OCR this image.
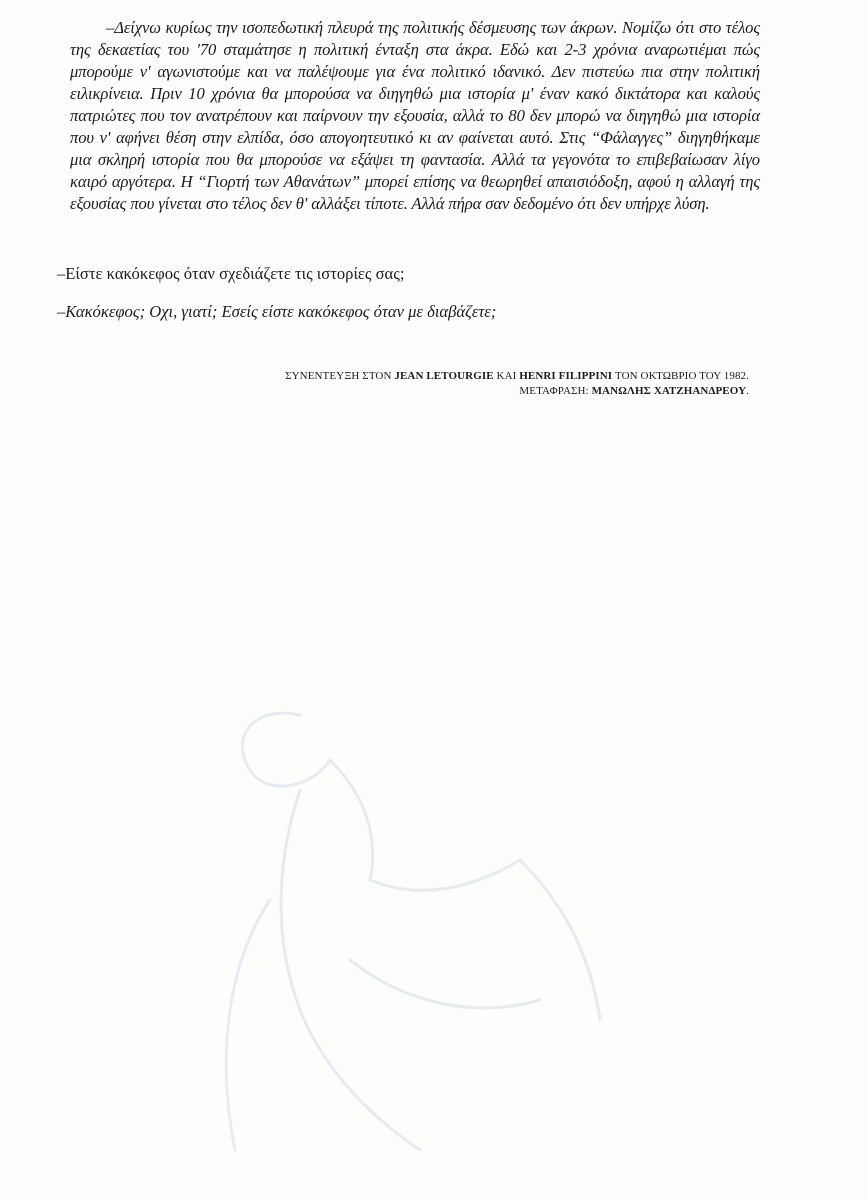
–Δείχνω κυρίως την ισοπεδωτική πλευρά της πολιτικής δέσμευσης των άκρων. Νομίζω ότι στο τέλος της δεκαετίας του '70 σταμάτησε η πολιτική ένταξη στα άκρα. Εδώ και 2-3 χρόνια αναρωτιέμαι πώς μπορούμε ν' αγωνιστούμε και να παλέψουμε για ένα πολιτικό ιδανικό. Δεν πιστεύω πια στην πολιτική ειλικρίνεια. Πριν 10 χρόνια θα μπορούσα να διηγηθώ μια ιστορία μ' έναν κακό δικτάτορα και καλούς πατριώτες που τον ανατρέπουν και παίρνουν την εξουσία, αλλά το 80 δεν μπορώ να διηγηθώ μια ιστορία που ν' αφήνει θέση στην ελπίδα, όσο απογοητευτικό κι αν φαίνεται αυτό. Στις “Φάλαγγες” διηγηθήκαμε μια σκληρή ιστορία που θα μπορούσε να εξάψει τη φαντασία. Αλλά τα γεγονότα το επιβεβαίωσαν λίγο καιρό αργότερα. Η “Γιορτή των Αθανάτων” μπορεί επίσης να θεωρηθεί απαισιόδοξη, αφού η αλλαγή της εξουσίας που γίνεται στο τέλος δεν θ' αλλάξει τίποτε. Αλλά πήρα σαν δεδομένο ότι δεν υπήρχε λύση.
–Είστε κακόκεφος όταν σχεδιάζετε τις ιστορίες σας;
–Κακόκεφος; Οχι, γιατί; Εσείς είστε κακόκεφος όταν με διαβάζετε;
ΣΥΝΕΝΤΕΥΞΗ ΣΤΟΝ JEAN LETOURGIE ΚΑΙ HENRI FILIPPINI ΤΟΝ ΟΚΤΩΒΡΙΟ ΤΟΥ 1982.
ΜΕΤΑΦΡΑΣΗ: ΜΑΝΩΛΗΣ ΧΑΤΖΗΑΝΔΡΕΟΥ.
